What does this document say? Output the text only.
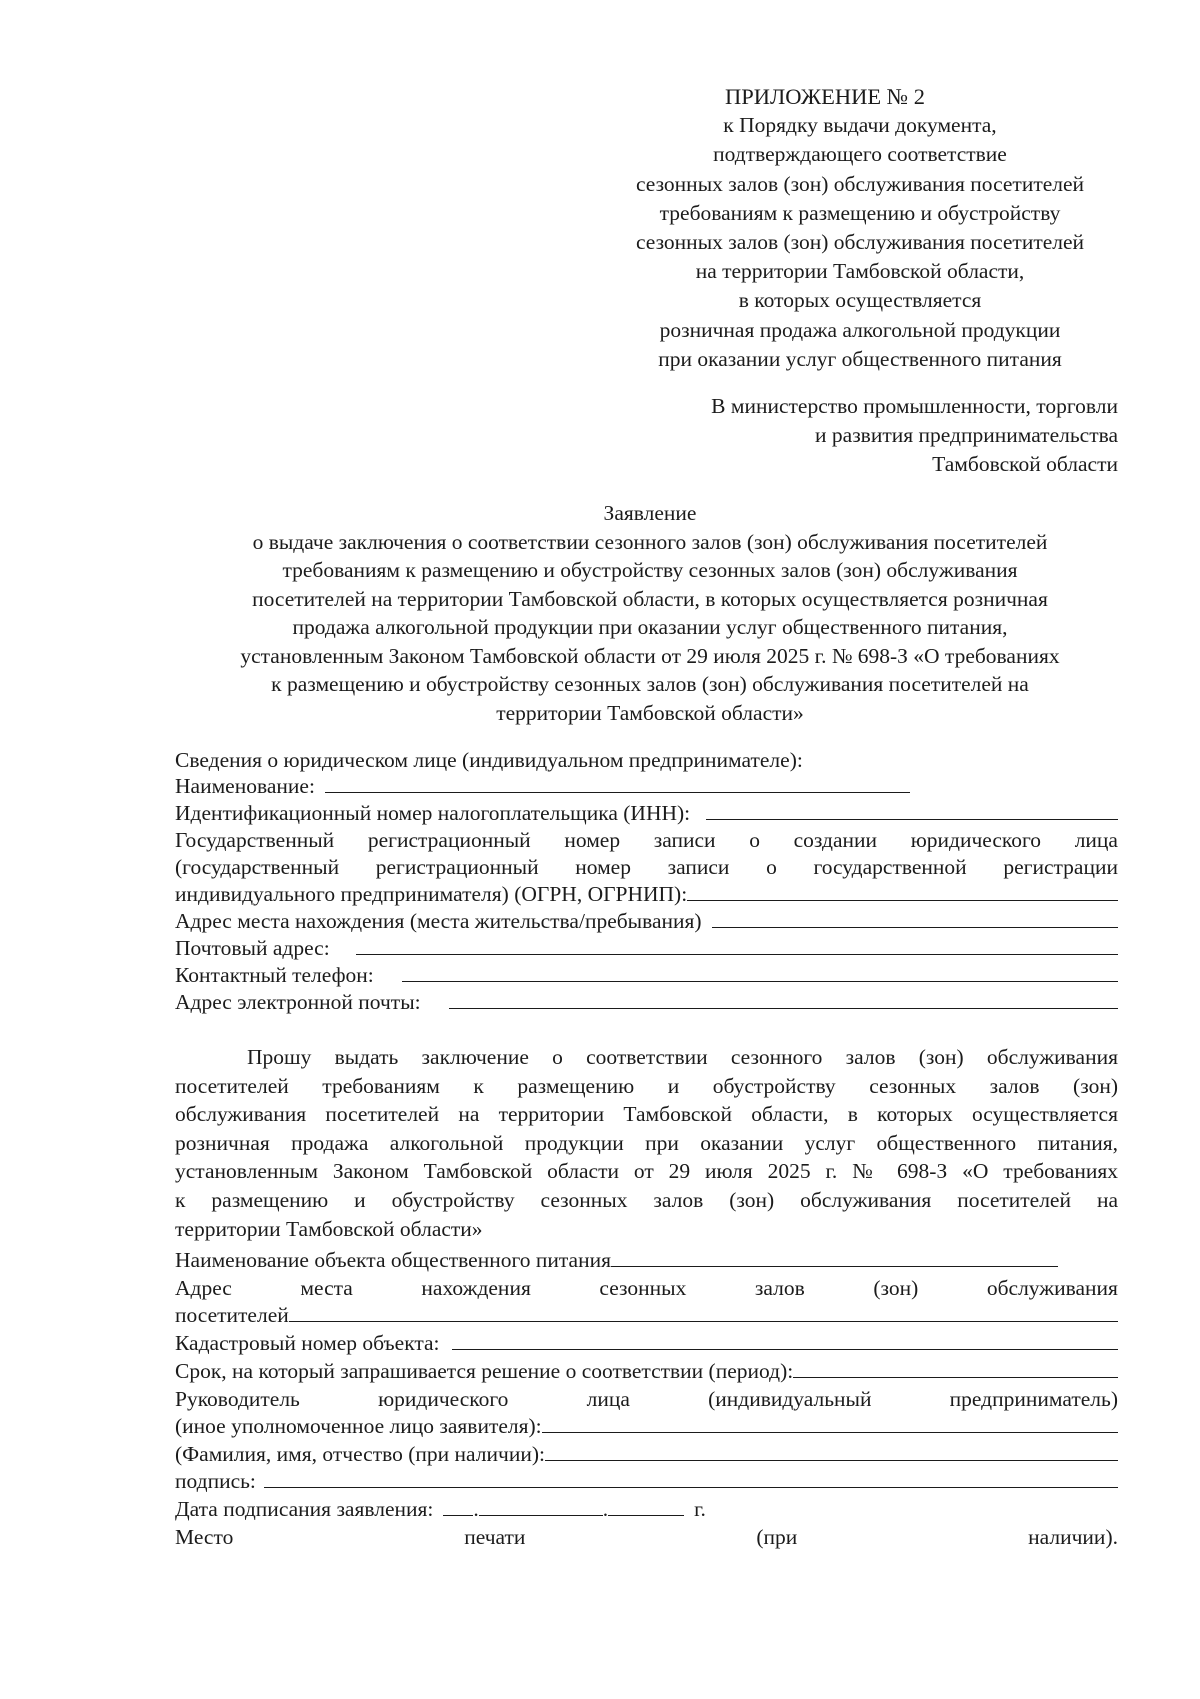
ПРИЛОЖЕНИЕ № 2
к Порядку выдачи документа,
подтверждающего соответствие
сезонных залов (зон) обслуживания посетителей
требованиям к размещению и обустройству
сезонных залов (зон) обслуживания посетителей
на территории Тамбовской области,
в которых осуществляется
розничная продажа алкогольной продукции
при оказании услуг общественного питания
В министерство промышленности, торговли
и развития предпринимательства
Тамбовской области
Заявление
о выдаче заключения о соответствии сезонного залов (зон) обслуживания посетителей
требованиям к размещению и обустройству сезонных залов (зон) обслуживания
посетителей на территории Тамбовской области, в которых осуществляется розничная
продажа алкогольной продукции при оказании услуг общественного питания,
установленным Законом Тамбовской области от 29 июля 2025 г. № 698-З «О требованиях
к размещению и обустройству сезонных залов (зон) обслуживания посетителей на
территории Тамбовской области»
Сведения о юридическом лице (индивидуальном предпринимателе):
Наименование:
Идентификационный номер налогоплательщика (ИНН):
Государственный регистрационный номер записи о создании юридического лица
(государственный регистрационный номер записи о государственной регистрации
индивидуального предпринимателя) (ОГРН, ОГРНИП):
Адрес места нахождения (места жительства/пребывания)
Почтовый адрес:
Контактный телефон:
Адрес электронной почты:
Прошу выдать заключение о соответствии сезонного залов (зон) обслуживания
посетителей требованиям к размещению и обустройству сезонных залов (зон)
обслуживания посетителей на территории Тамбовской области, в которых осуществляется
розничная продажа алкогольной продукции при оказании услуг общественного питания,
установленным Законом Тамбовской области от 29 июля 2025 г. № 698-З «О требованиях
к размещению и обустройству сезонных залов (зон) обслуживания посетителей на
территории Тамбовской области»
Наименование объекта общественного питания
Адрес	места	нахождения	сезонных	залов	(зон)	обслуживания
посетителей
Кадастровый номер объекта:
Срок, на который запрашивается решение о соответствии (период):
Руководитель	юридического	лица	(индивидуальный	предприниматель)
(иное уполномоченное лицо заявителя):
(Фамилия, имя, отчество (при наличии):
подпись:
Дата подписания заявления: .	.	г.
Место	печати	(при	наличии).
